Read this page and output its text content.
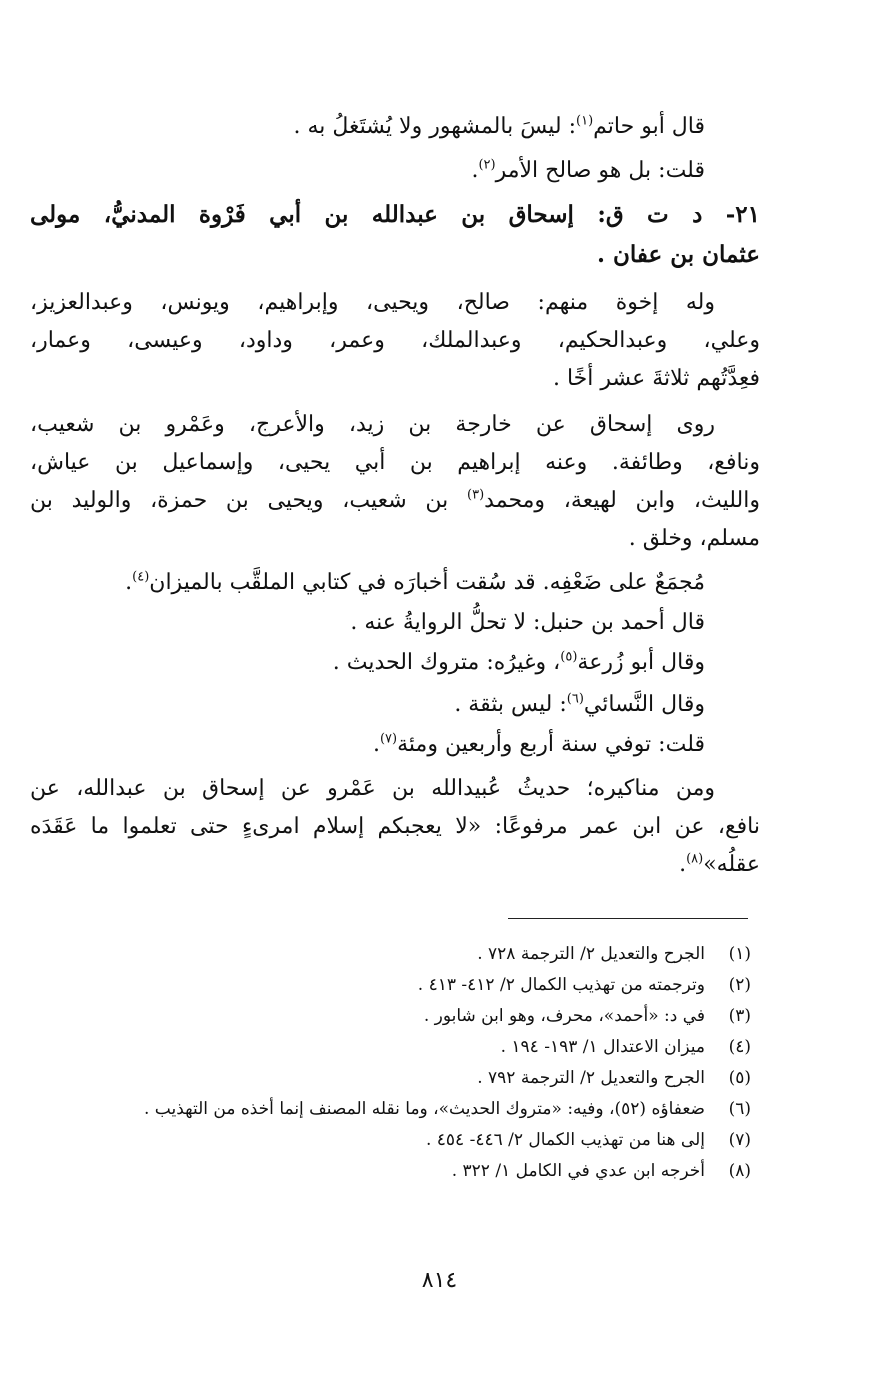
قال أبو حاتم$^{(١)}$: ليسَ بالمشهور ولا يُشتَغلُ به .
قلت: بل هو صالح الأمر$^{(٢)}$.
٢١- د ت ق: إسحاق بن عبدالله بن أبي فَرْوة المدنيُّ، مولى
عثمان بن عفان .
وله إخوة منهم: صالح، ويحيى، وإبراهيم، ويونس، وعبدالعزيز،
وعلي، وعبدالحكيم، وعبدالملك، وعمر، وداود، وعيسى، وعمار،
فعِدَّتُهم ثلاثةَ عشر أخًا .
روى إسحاق عن خارجة بن زيد، والأعرج، وعَمْرو بن شعيب،
ونافع، وطائفة. وعنه إبراهيم بن أبي يحيى، وإسماعيل بن عياش،
والليث، وابن لهيعة، ومحمد$^{(٣)}$ بن شعيب، ويحيى بن حمزة، والوليد بن
مسلم، وخلق .
مُجمَعٌ على ضَعْفِه. قد سُقت أخبارَه في كتابي الملقَّب بالميزان$^{(٤)}$.
قال أحمد بن حنبل: لا تحلُّ الروايةُ عنه .
وقال أبو زُرعة$^{(٥)}$، وغيرُه: متروك الحديث .
وقال النَّسائي$^{(٦)}$: ليس بثقة .
قلت: توفي سنة أربع وأربعين ومئة$^{(٧)}$.
ومن مناكيره؛ حديثُ عُبيدالله بن عَمْرو عن إسحاق بن عبدالله، عن
نافع، عن ابن عمر مرفوعًا: «لا يعجبكم إسلام امرىءٍ حتى تعلموا ما عَقَدَه
عقلُه»$^{(٨)}$.
(١)الجرح والتعديل ٢/ الترجمة ٧٢٨ .
(٢)وترجمته من تهذيب الكمال ٢/ ٤١٢- ٤١٣ .
(٣)في د: «أحمد»، محرف، وهو ابن شابور .
(٤)ميزان الاعتدال ١/ ١٩٣- ١٩٤ .
(٥)الجرح والتعديل ٢/ الترجمة ٧٩٢ .
(٦)ضعفاؤه (٥٢)، وفيه: «متروك الحديث»، وما نقله المصنف إنما أخذه من التهذيب .
(٧)إلى هنا من تهذيب الكمال ٢/ ٤٤٦- ٤٥٤ .
(٨)أخرجه ابن عدي في الكامل ١/ ٣٢٢ .
٨١٤
